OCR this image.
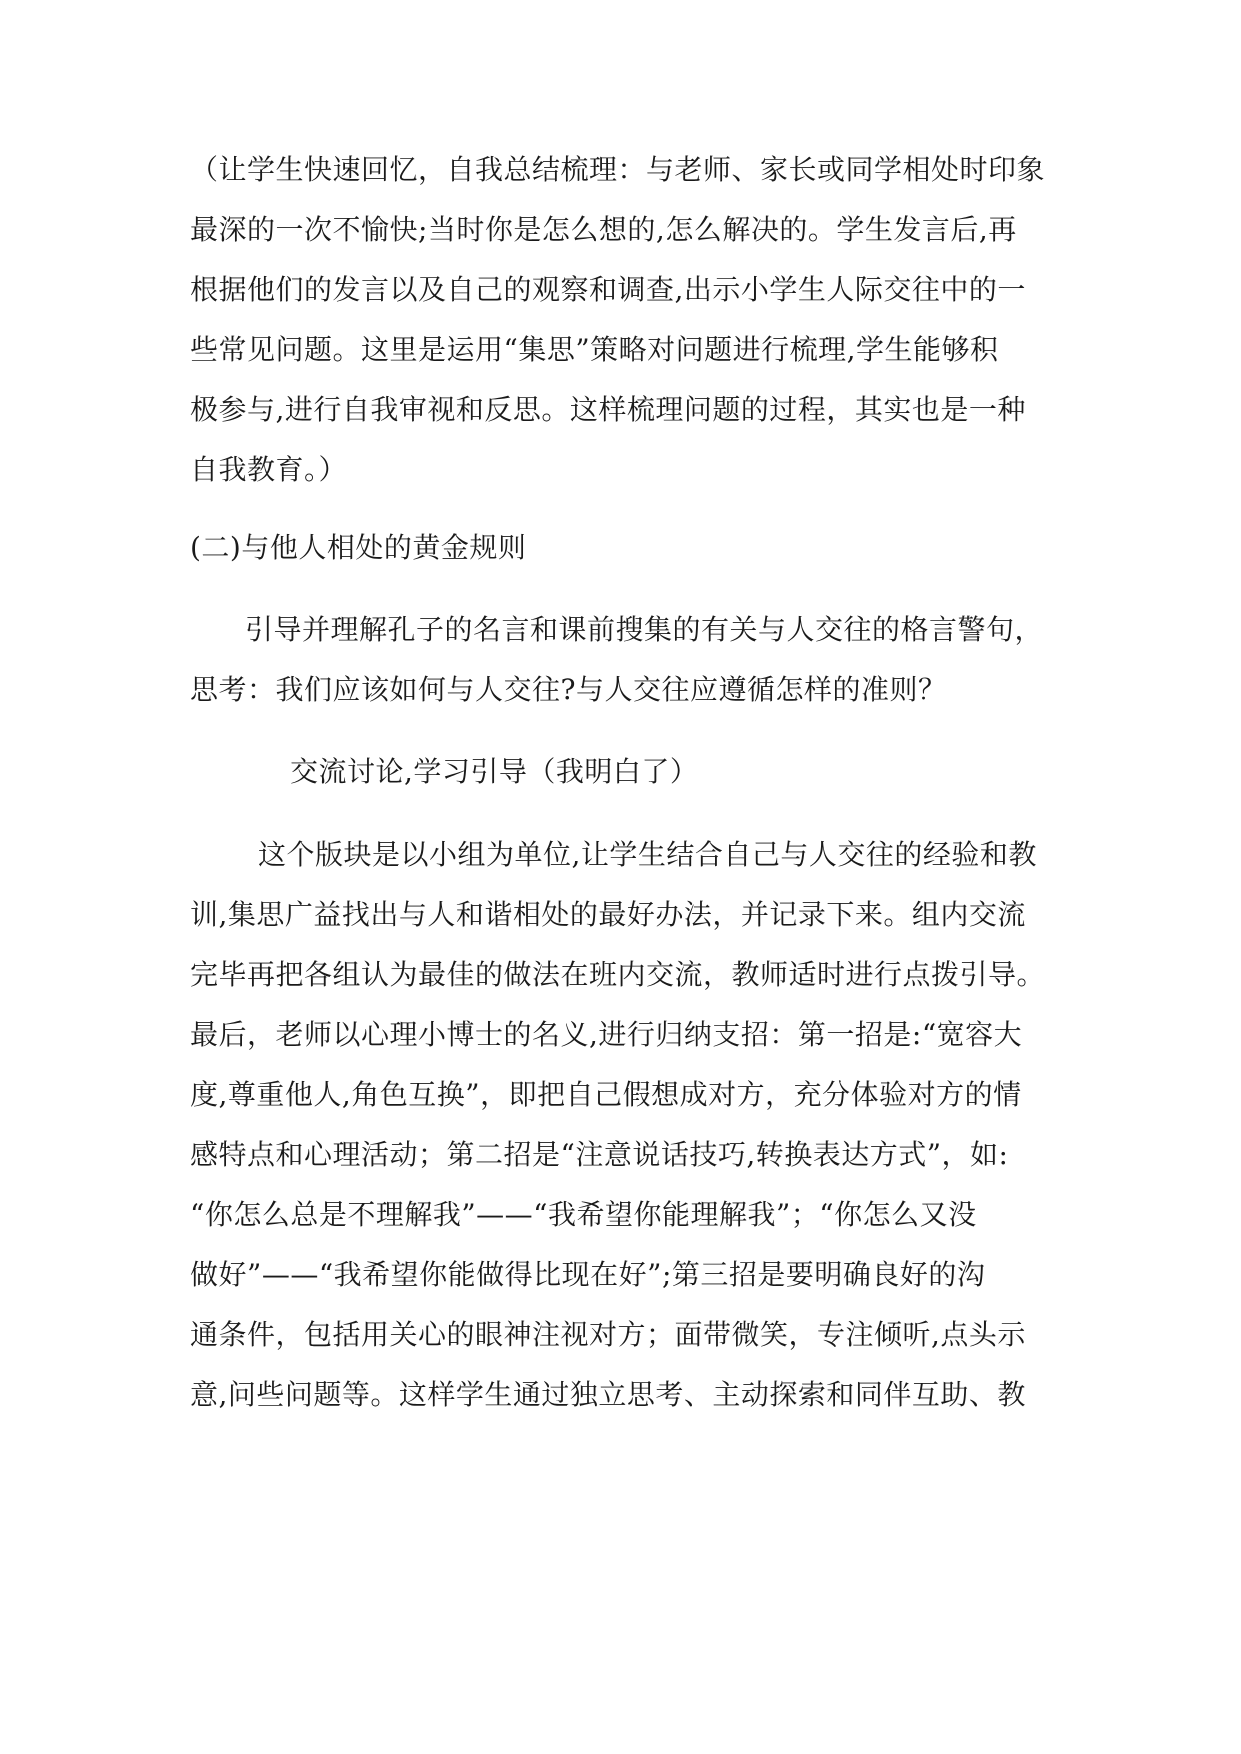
（让学生快速回忆，自我总结梳理：与老师、家长或同学相处时印象
最深的一次不愉快;当时你是怎么想的,怎么解决的。学生发言后,再
根据他们的发言以及自己的观察和调查,出示小学生人际交往中的一
些常见问题。这里是运用“集思”策略对问题进行梳理,学生能够积
极参与,进行自我审视和反思。这样梳理问题的过程，其实也是一种
自我教育。）
(二)与他人相处的黄金规则
引导并理解孔子的名言和课前搜集的有关与人交往的格言警句，
思考：我们应该如何与人交往?与人交往应遵循怎样的准则？
交流讨论,学习引导（我明白了）
这个版块是以小组为单位,让学生结合自己与人交往的经验和教
训,集思广益找出与人和谐相处的最好办法，并记录下来。组内交流
完毕再把各组认为最佳的做法在班内交流，教师适时进行点拨引导。
最后，老师以心理小博士的名义,进行归纳支招：第一招是:“宽容大
度,尊重他人,角色互换”，即把自己假想成对方，充分体验对方的情
感特点和心理活动；第二招是“注意说话技巧,转换表达方式”，如:
“你怎么总是不理解我”——“我希望你能理解我”；“你怎么又没
做好”——“我希望你能做得比现在好”;第三招是要明确良好的沟
通条件，包括用关心的眼神注视对方；面带微笑，专注倾听,点头示
意,问些问题等。这样学生通过独立思考、主动探索和同伴互助、教
